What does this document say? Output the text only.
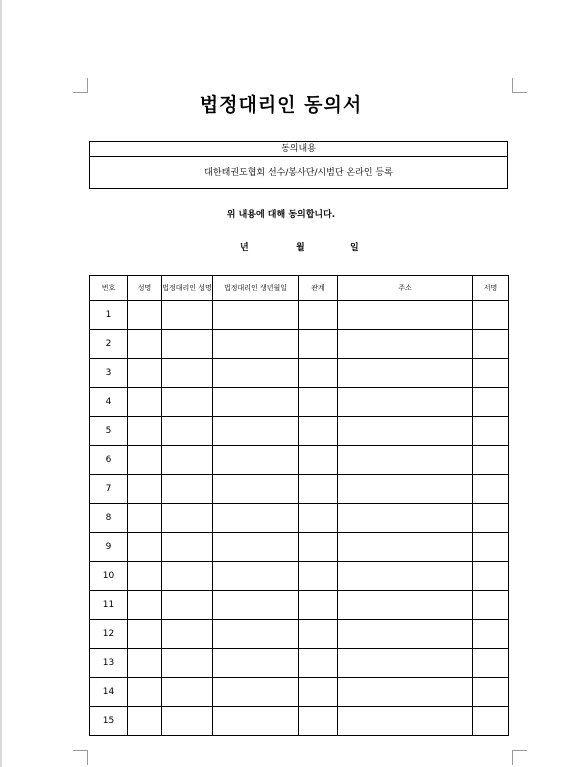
법정대리인 동의서
동의내용
대한태권도협회 선수/봉사단/시범단 온라인 등록
위 내용에 대해 동의합니다.
년	월	일
번호	성명	법정대리인 성명	법정대리인 생년월일	관계	주소	서명
1						
2						
3						
4						
5						
6						
7						
8						
9						
10						
11						
12						
13						
14						
15						
